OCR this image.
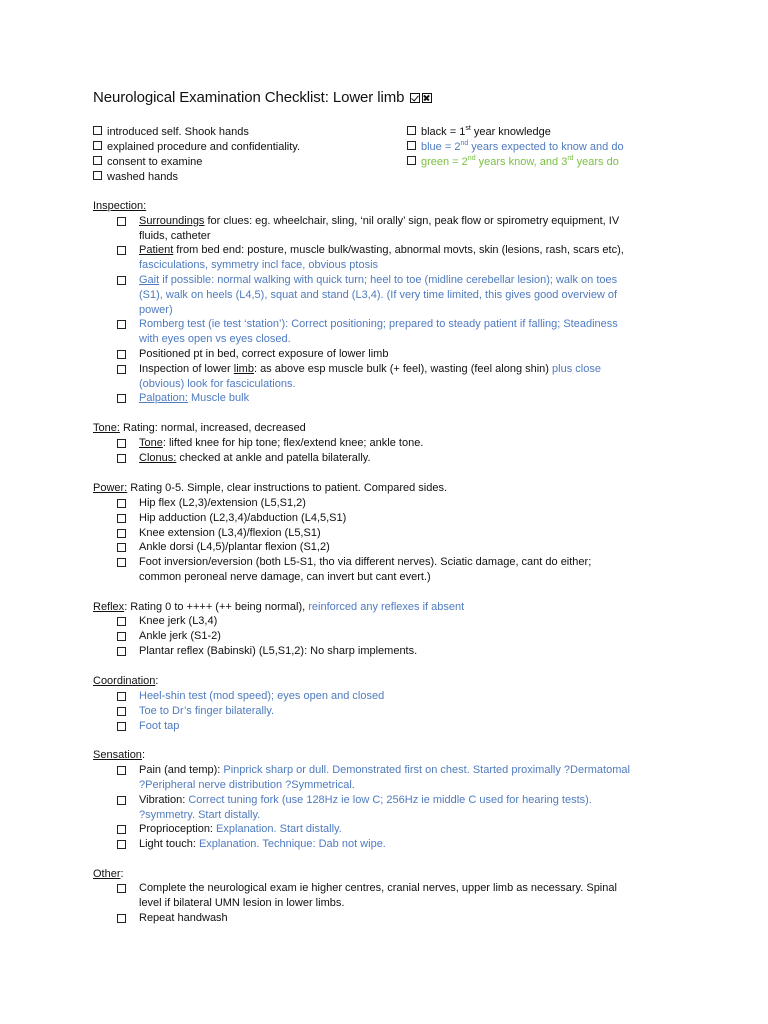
Neurological Examination Checklist: Lower limb
introduced self. Shook hands
explained procedure and confidentiality.
consent to examine
washed hands
black = 1st year knowledge
blue = 2nd years expected to know and do
green = 2nd years know, and 3rd years do
Inspection:
Surroundings for clues: eg. wheelchair, sling, ‘nil orally’ sign, peak flow or spirometry equipment, IV
fluids, catheter
Patient from bed end: posture, muscle bulk/wasting, abnormal movts, skin (lesions, rash, scars etc),
fasciculations, symmetry incl face, obvious ptosis
Gait if possible: normal walking with quick turn; heel to toe (midline cerebellar lesion); walk on toes
(S1), walk on heels (L4,5), squat and stand (L3,4). (If very time limited, this gives good overview of
power)
Romberg test (ie test ‘station’): Correct positioning; prepared to steady patient if falling; Steadiness
with eyes open vs eyes closed.
Positioned pt in bed, correct exposure of lower limb
Inspection of lower limb: as above esp muscle bulk (+ feel), wasting (feel along shin) plus close
(obvious) look for fasciculations.
Palpation: Muscle bulk
Tone: Rating: normal, increased, decreased
Tone: lifted knee for hip tone; flex/extend knee; ankle tone.
Clonus: checked at ankle and patella bilaterally.
Power: Rating 0-5. Simple, clear instructions to patient. Compared sides.
Hip flex (L2,3)/extension (L5,S1,2)
Hip adduction (L2,3,4)/abduction (L4,5,S1)
Knee extension (L3,4)/flexion (L5,S1)
Ankle dorsi (L4,5)/plantar flexion (S1,2)
Foot inversion/eversion (both L5-S1, tho via different nerves). Sciatic damage, cant do either;
common peroneal nerve damage, can invert but cant evert.)
Reflex: Rating 0 to ++++ (++ being normal), reinforced any reflexes if absent
Knee jerk (L3,4)
Ankle jerk (S1-2)
Plantar reflex (Babinski) (L5,S1,2): No sharp implements.
Coordination:
Heel-shin test (mod speed); eyes open and closed
Toe to Dr’s finger bilaterally.
Foot tap
Sensation:
Pain (and temp): Pinprick sharp or dull. Demonstrated first on chest. Started proximally ?Dermatomal
?Peripheral nerve distribution ?Symmetrical.
Vibration: Correct tuning fork (use 128Hz ie low C; 256Hz ie middle C used for hearing tests).
?symmetry. Start distally.
Proprioception: Explanation. Start distally.
Light touch: Explanation. Technique: Dab not wipe.
Other:
Complete the neurological exam ie higher centres, cranial nerves, upper limb as necessary. Spinal
level if bilateral UMN lesion in lower limbs.
Repeat handwash
